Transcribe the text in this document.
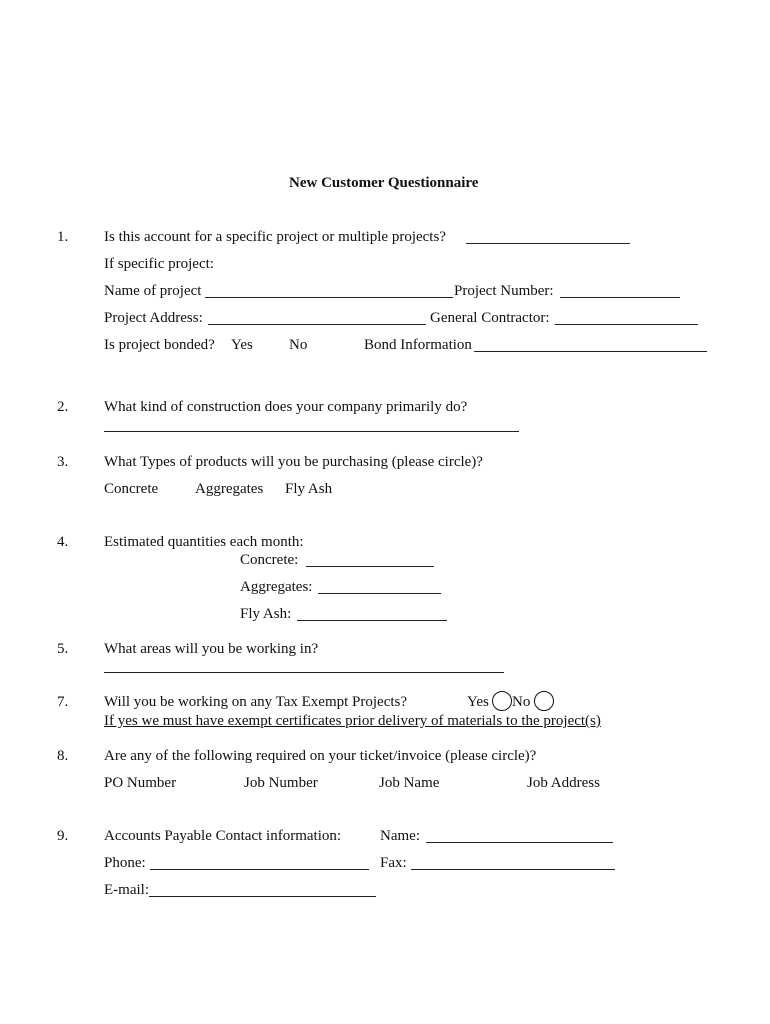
New Customer Questionnaire
1. Is this account for a specific project or multiple projects?
If specific project:
Name of project	Project Number:
Project Address:	General Contractor:
Is project bonded? Yes No	Bond Information
2. What kind of construction does your company primarily do?
3. What Types of products will you be purchasing (please circle)?
Concrete Aggregates Fly Ash
4. Estimated quantities each month:
Concrete:
Aggregates:
Fly Ash:
5. What areas will you be working in?
7. Will you be working on any Tax Exempt Projects?	Yes No
If yes we must have exempt certificates prior delivery of materials to the project(s)
8. Are any of the following required on your ticket/invoice (please circle)?
PO Number	Job Number	Job Name	Job Address
9. Accounts Payable Contact information:	Name:
Phone:	Fax:
E-mail:
